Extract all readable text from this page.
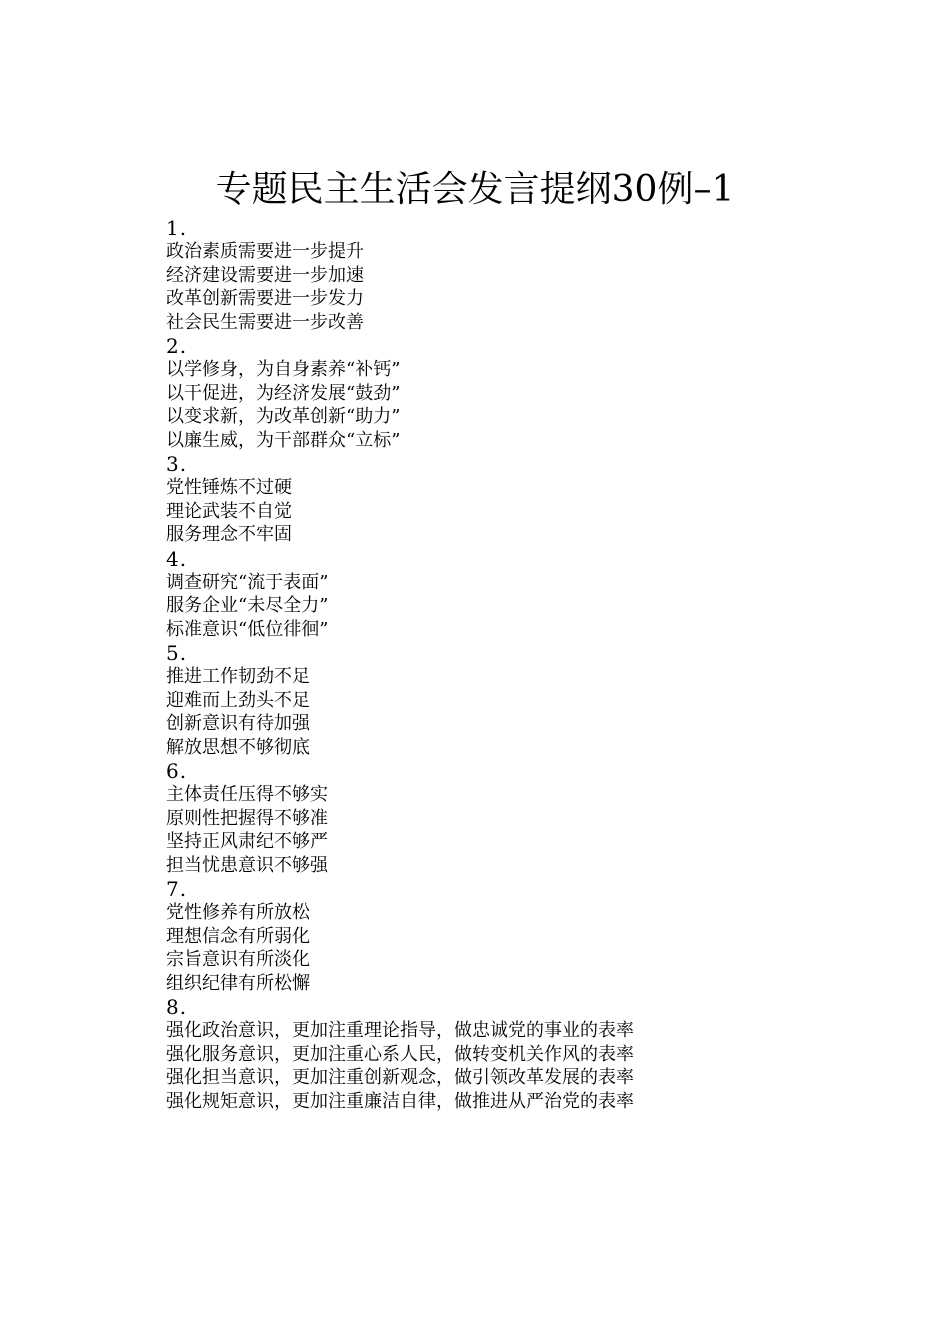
专题民主生活会发言提纲30例–1
1.
政治素质需要进一步提升
经济建设需要进一步加速
改革创新需要进一步发力
社会民生需要进一步改善
2.
以学修身，为自身素养“补钙”
以干促进，为经济发展“鼓劲”
以变求新，为改革创新“助力”
以廉生威，为干部群众“立标”
3.
党性锤炼不过硬
理论武装不自觉
服务理念不牢固
4.
调查研究“流于表面”
服务企业“未尽全力”
标准意识“低位徘徊”
5.
推进工作韧劲不足
迎难而上劲头不足
创新意识有待加强
解放思想不够彻底
6.
主体责任压得不够实
原则性把握得不够准
坚持正风肃纪不够严
担当忧患意识不够强
7.
党性修养有所放松
理想信念有所弱化
宗旨意识有所淡化
组织纪律有所松懈
8.
强化政治意识，更加注重理论指导，做忠诚党的事业的表率
强化服务意识，更加注重心系人民，做转变机关作风的表率
强化担当意识，更加注重创新观念，做引领改革发展的表率
强化规矩意识，更加注重廉洁自律，做推进从严治党的表率
